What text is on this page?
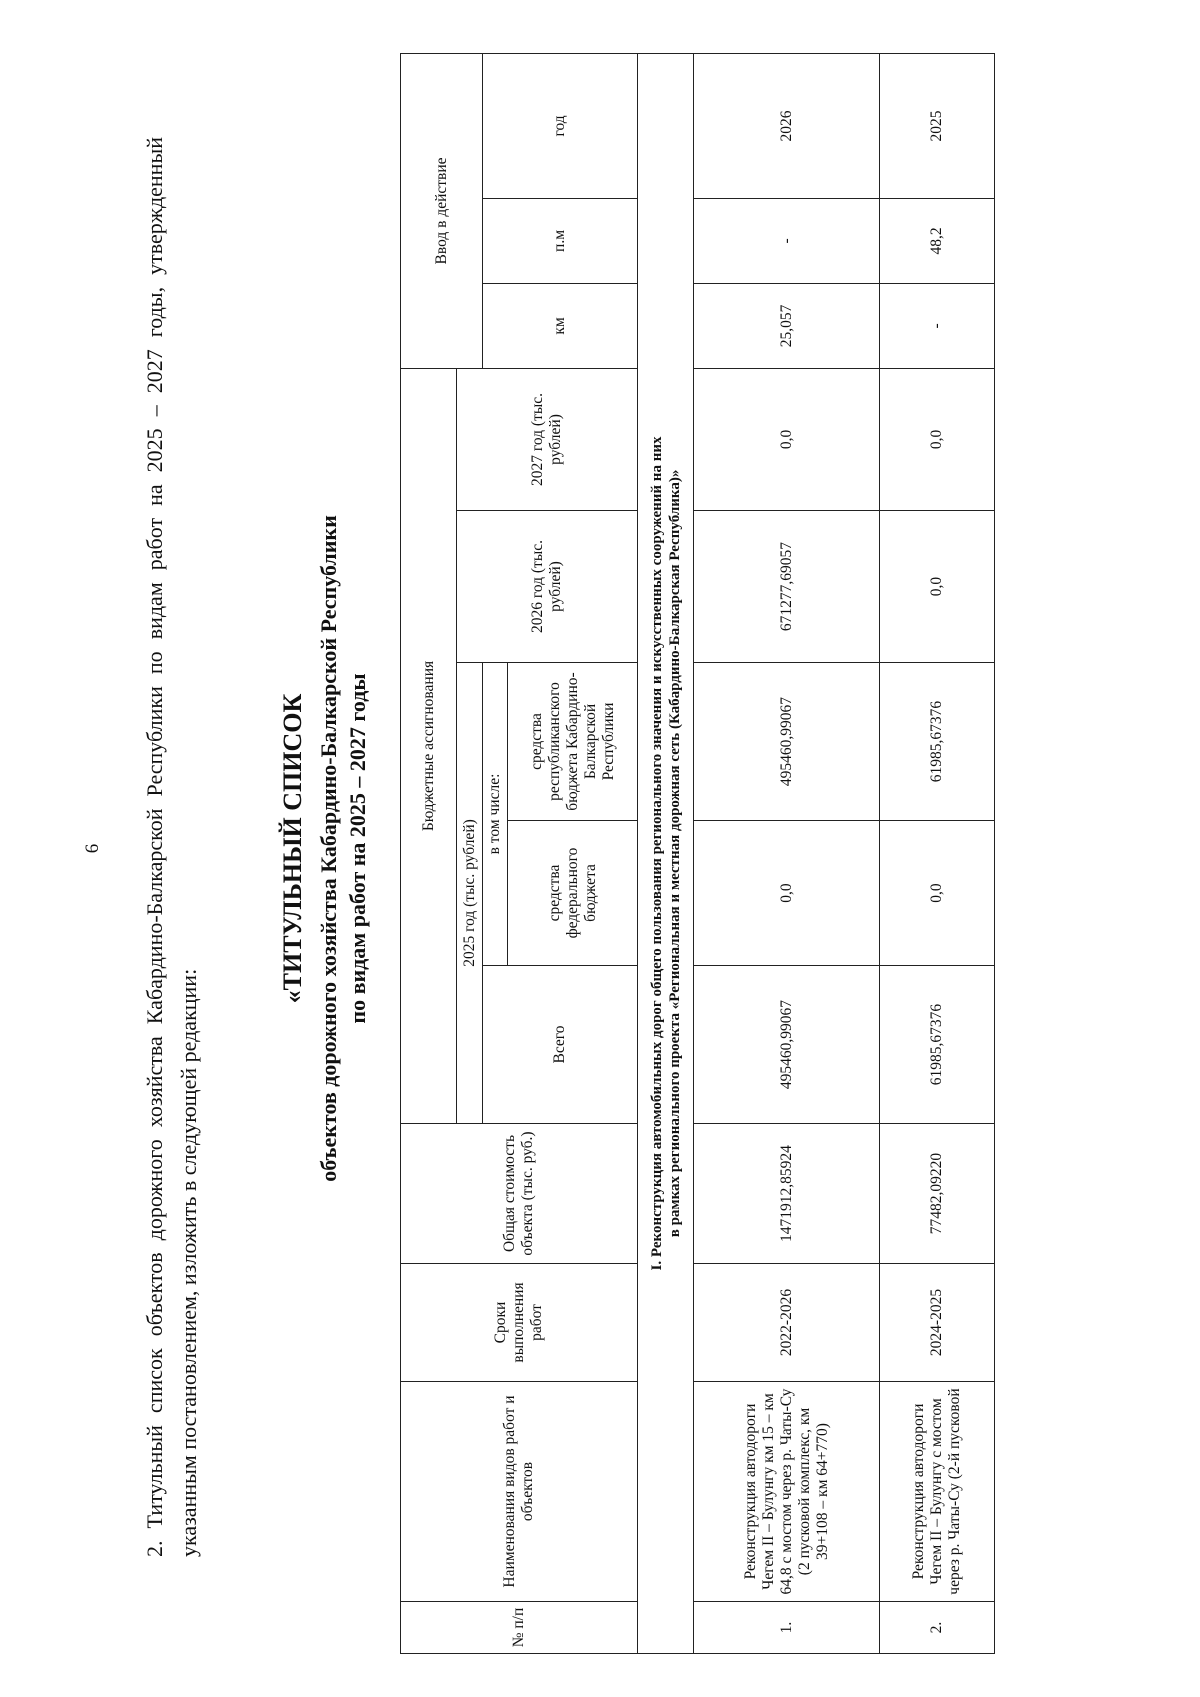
6 2. Титульный список объектов дорожного хозяйства Кабардино-Балкарской Республики по видам работ на 2025 – 2027 годы, утвержденный указанным постановлением, изложить в следующей редакции:
«ТИТУЛЬНЫЙ СПИСОК объектов дорожного хозяйства Кабардино-Балкарской Республики по видам работ на 2025 – 2027 годы
№ п/п	Наименования видов работ и объектов	Сроки выполнения работ	Общая стоимость объекта (тыс. руб.)	Бюджетные ассигнования					Ввод в действие		
				2025 год (тыс. рублей)			2026 год (тыс. рублей)	2027 год (тыс. рублей)			
				Всего	в том числе:				км	п.м	год
					средства федерального бюджета	средства республиканского бюджета Кабардино-Балкарской Республики					

I. Реконструкция автомобильных дорог общего пользования регионального значения и искусственных сооружений на них в рамках регионального проекта «Региональная и местная дорожная сеть (Кабардино-Балкарская Республика)»											

1.	Реконструкция автодороги Чегем II – Булунгу км 15 – км 64,8 с мостом через р. Чаты-Су (2 пусковой комплекс, км 39+108 – км 64+770)	2022-2026	1471912,85924	495460,99067	0,0	495460,99067	671277,69057	0,0	25,057	-	2026
2.	Реконструкция автодороги Чегем II – Булунгу с мостом через р. Чаты-Су (2-й пусковой	2024-2025	77482,09220	61985,67376	0,0	61985,67376	0,0	0,0	-	48,2	2025
